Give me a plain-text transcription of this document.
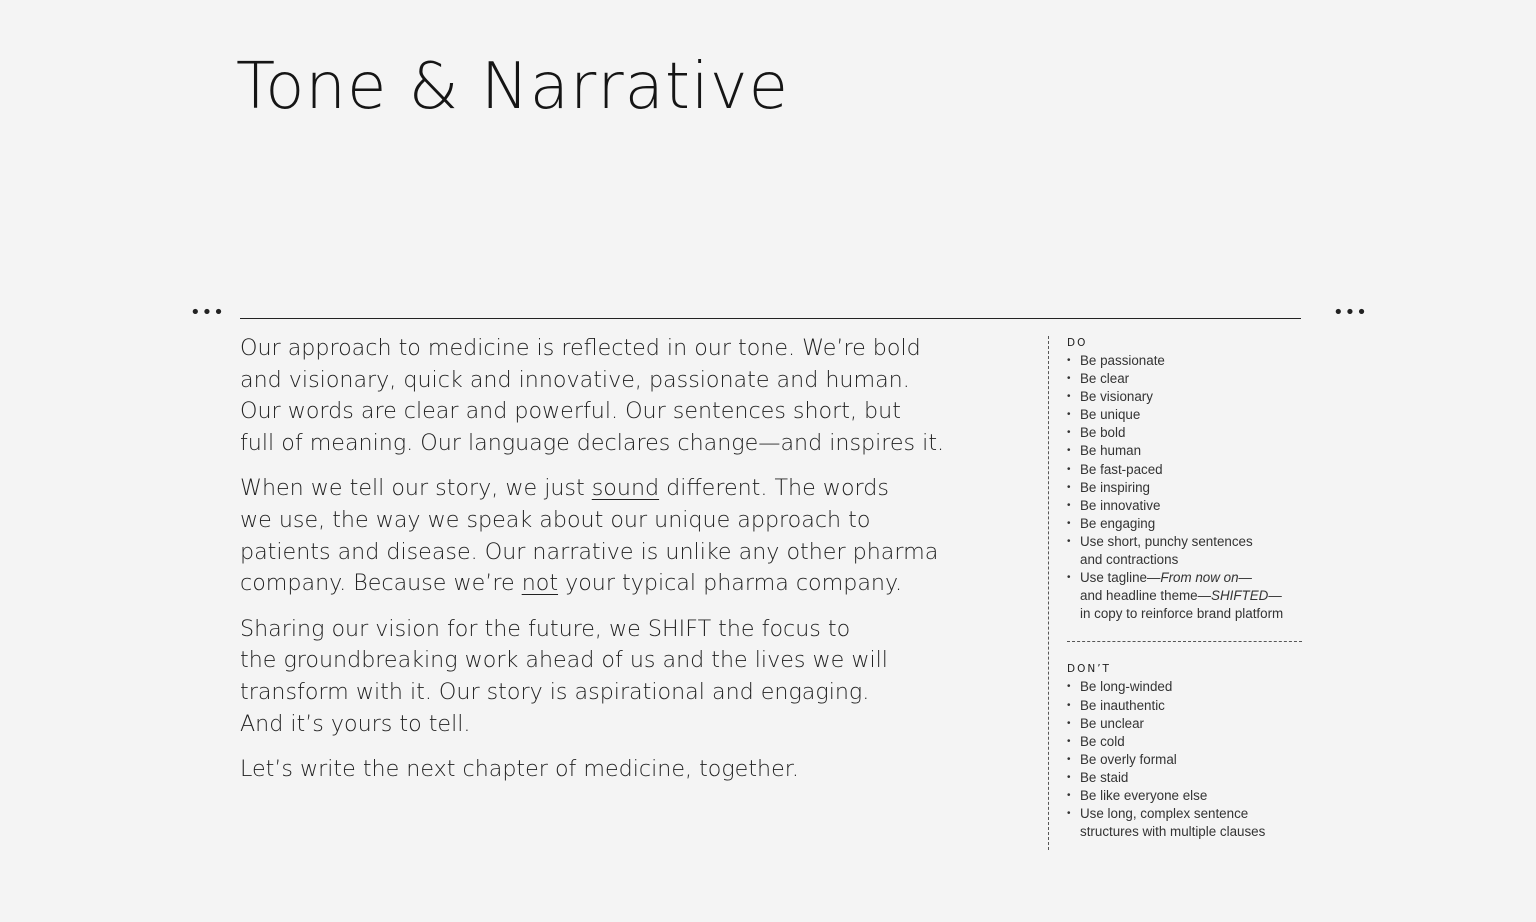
Tone & Narrative
•••	•••

Our approach to medicine is reflected in our tone. We’re bold
and visionary, quick and innovative, passionate and human.
Our words are clear and powerful. Our sentences short, but
full of meaning. Our language declares change—and inspires it.

When we tell our story, we just sound different. The words
we use, the way we speak about our unique approach to
patients and disease. Our narrative is unlike any other pharma
company. Because we’re not your typical pharma company.

Sharing our vision for the future, we SHIFT the focus to
the groundbreaking work ahead of us and the lives we will
transform with it. Our story is aspirational and engaging.
And it’s yours to tell.

Let’s write the next chapter of medicine, together.

DO
• Be passionate
• Be clear
• Be visionary
• Be unique
• Be bold
• Be human
• Be fast-paced
• Be inspiring
• Be innovative
• Be engaging
• Use short, punchy sentences
and contractions
• Use tagline—From now on—
and headline theme—SHIFTED—
in copy to reinforce brand platform
DON’T
• Be long-winded
• Be inauthentic
• Be unclear
• Be cold
• Be overly formal
• Be staid
• Be like everyone else
• Use long, complex sentence
structures with multiple clauses
